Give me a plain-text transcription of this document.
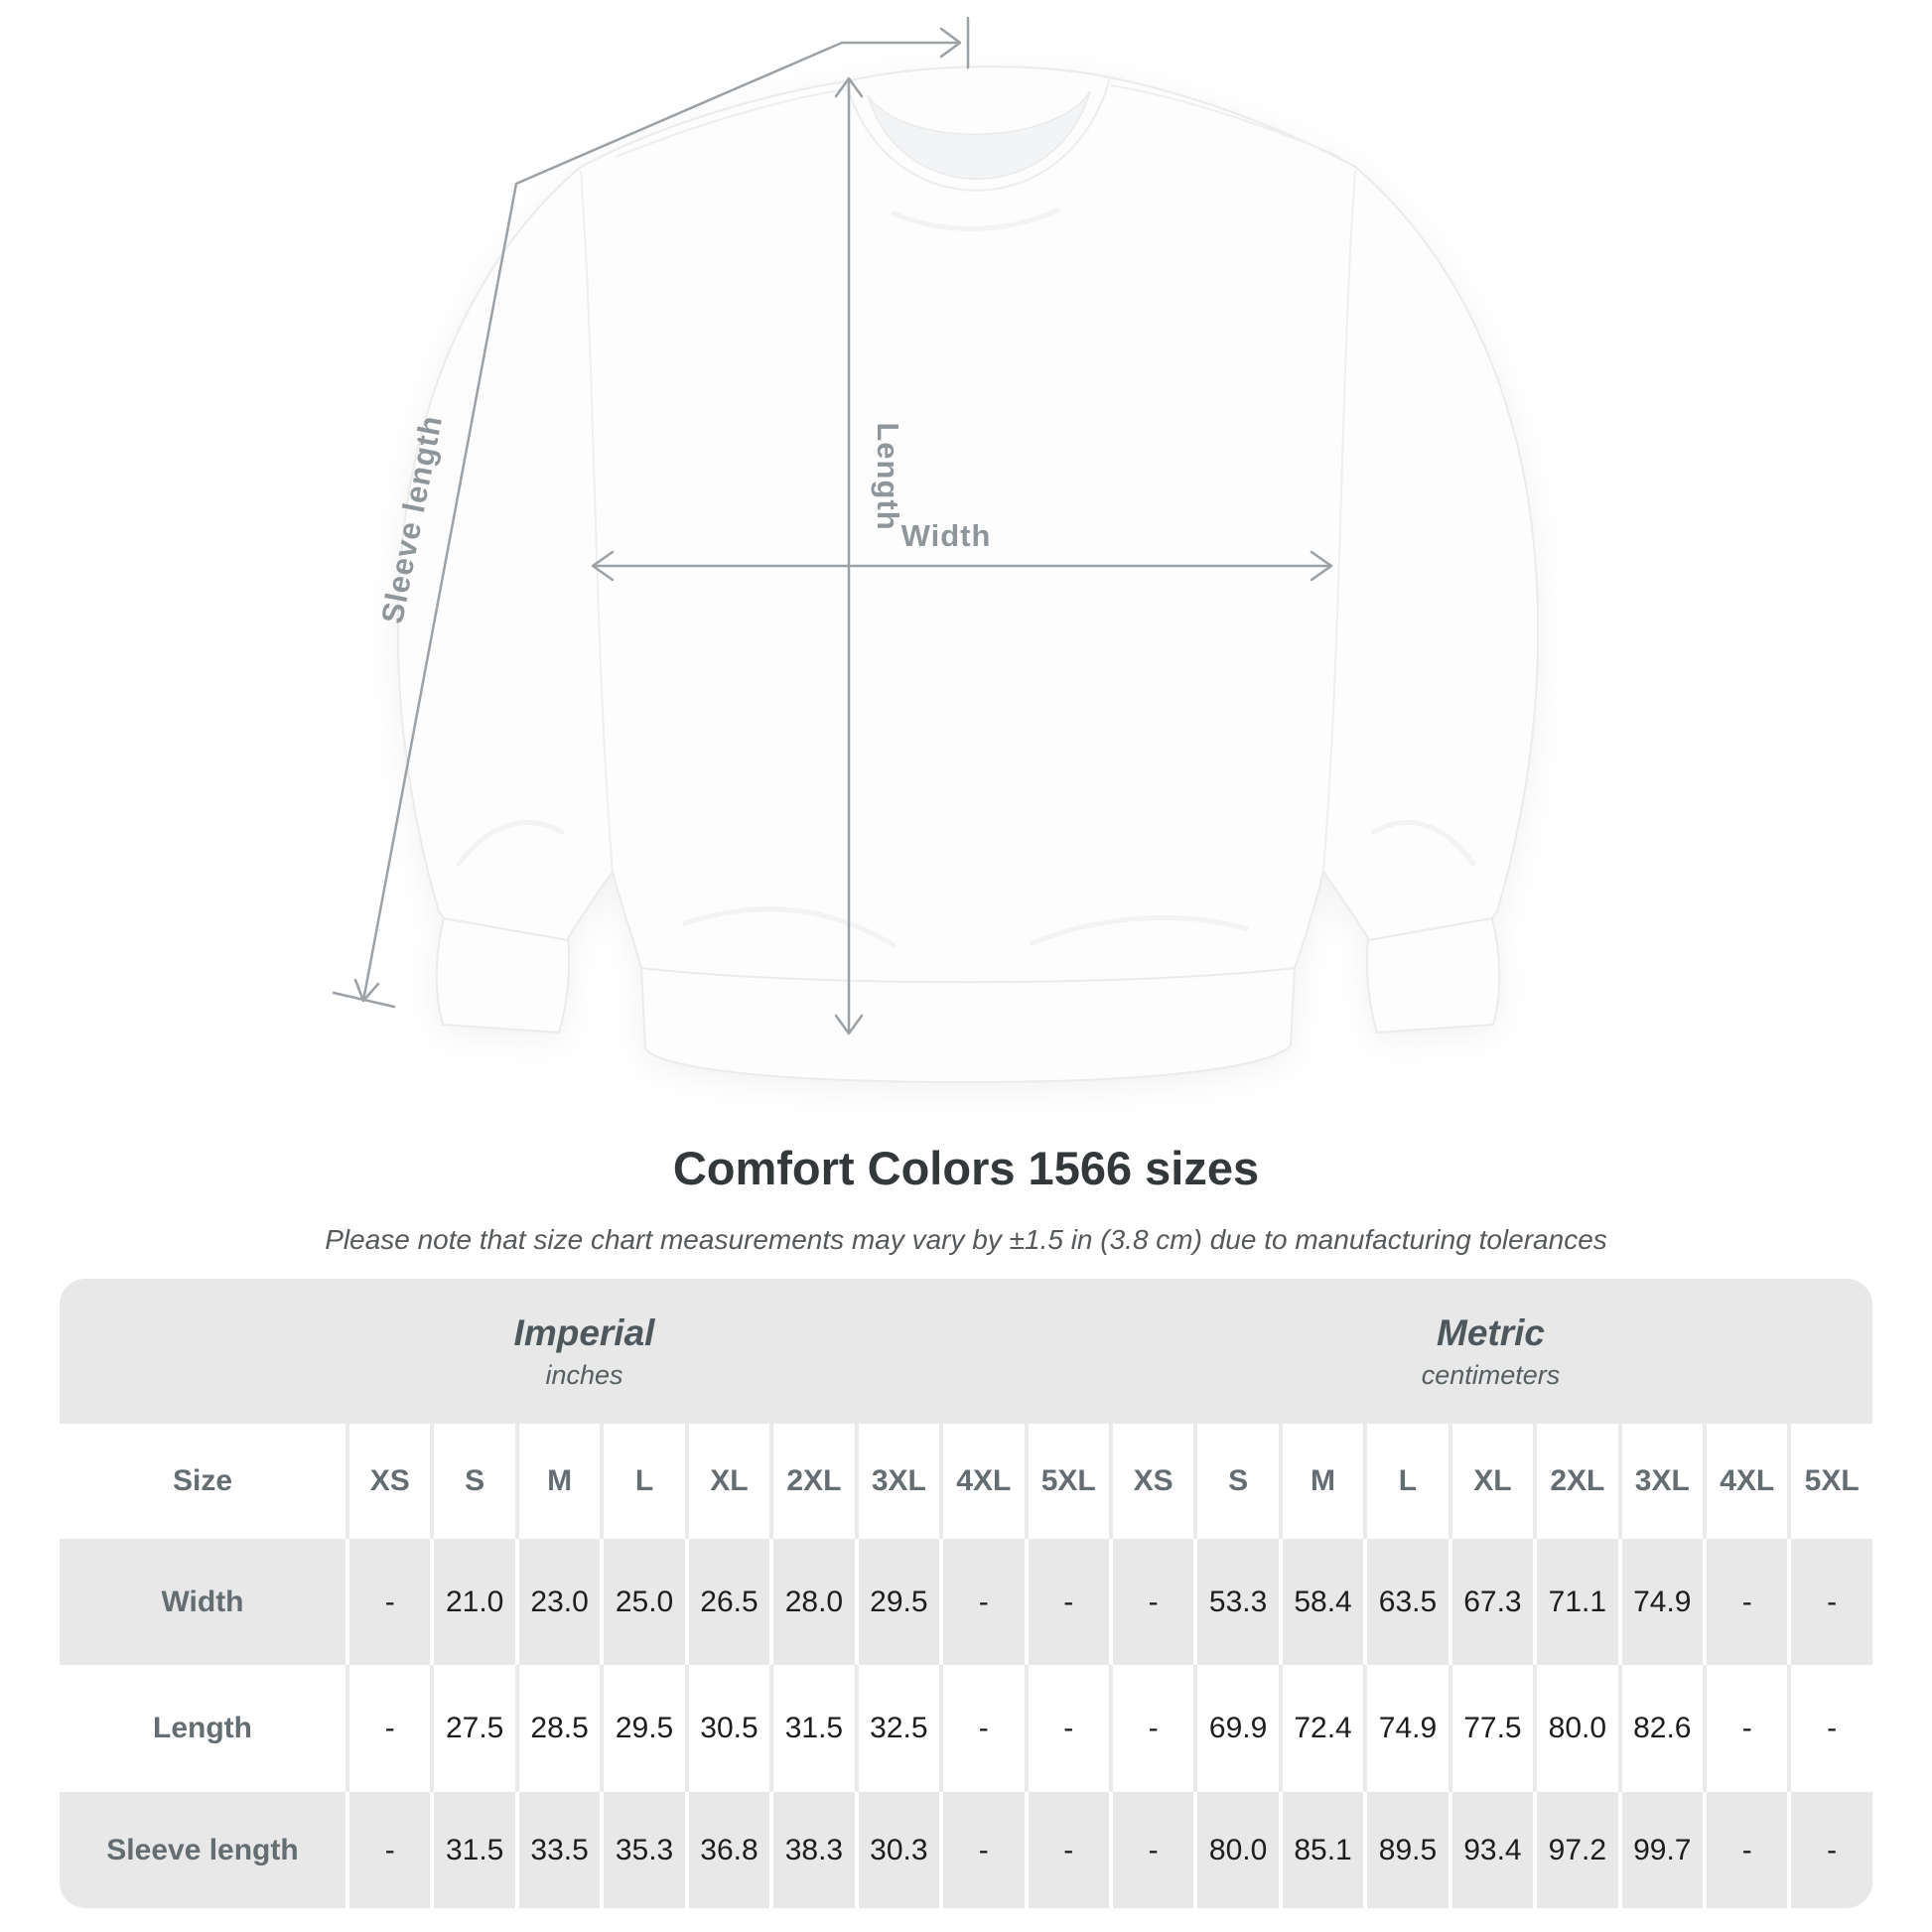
Length
Width
Sleeve length
Comfort Colors 1566 sizes
Please note that size chart measurements may vary by ±1.5 in (3.8 cm) due to manufacturing tolerances
Imperial
inches
Metric
centimeters
Size	XS	S	M	L	XL	2XL	3XL	4XL	5XL	XS	S	M	L	XL	2XL	3XL	4XL	5XL
Width	-	21.0 23.0 25.0 26.5 28.0 29.5	-	-	-	53.3 58.4 63.5 67.3 71.1 74.9	-	-
Length	-	27.5 28.5 29.5 30.5 31.5 32.5	-	-	-	69.9 72.4 74.9 77.5 80.0 82.6	-	-
Sleeve length	-	31.5 33.5 35.3 36.8 38.3 30.3	-	-	-	80.0 85.1 89.5 93.4 97.2 99.7	-	-
